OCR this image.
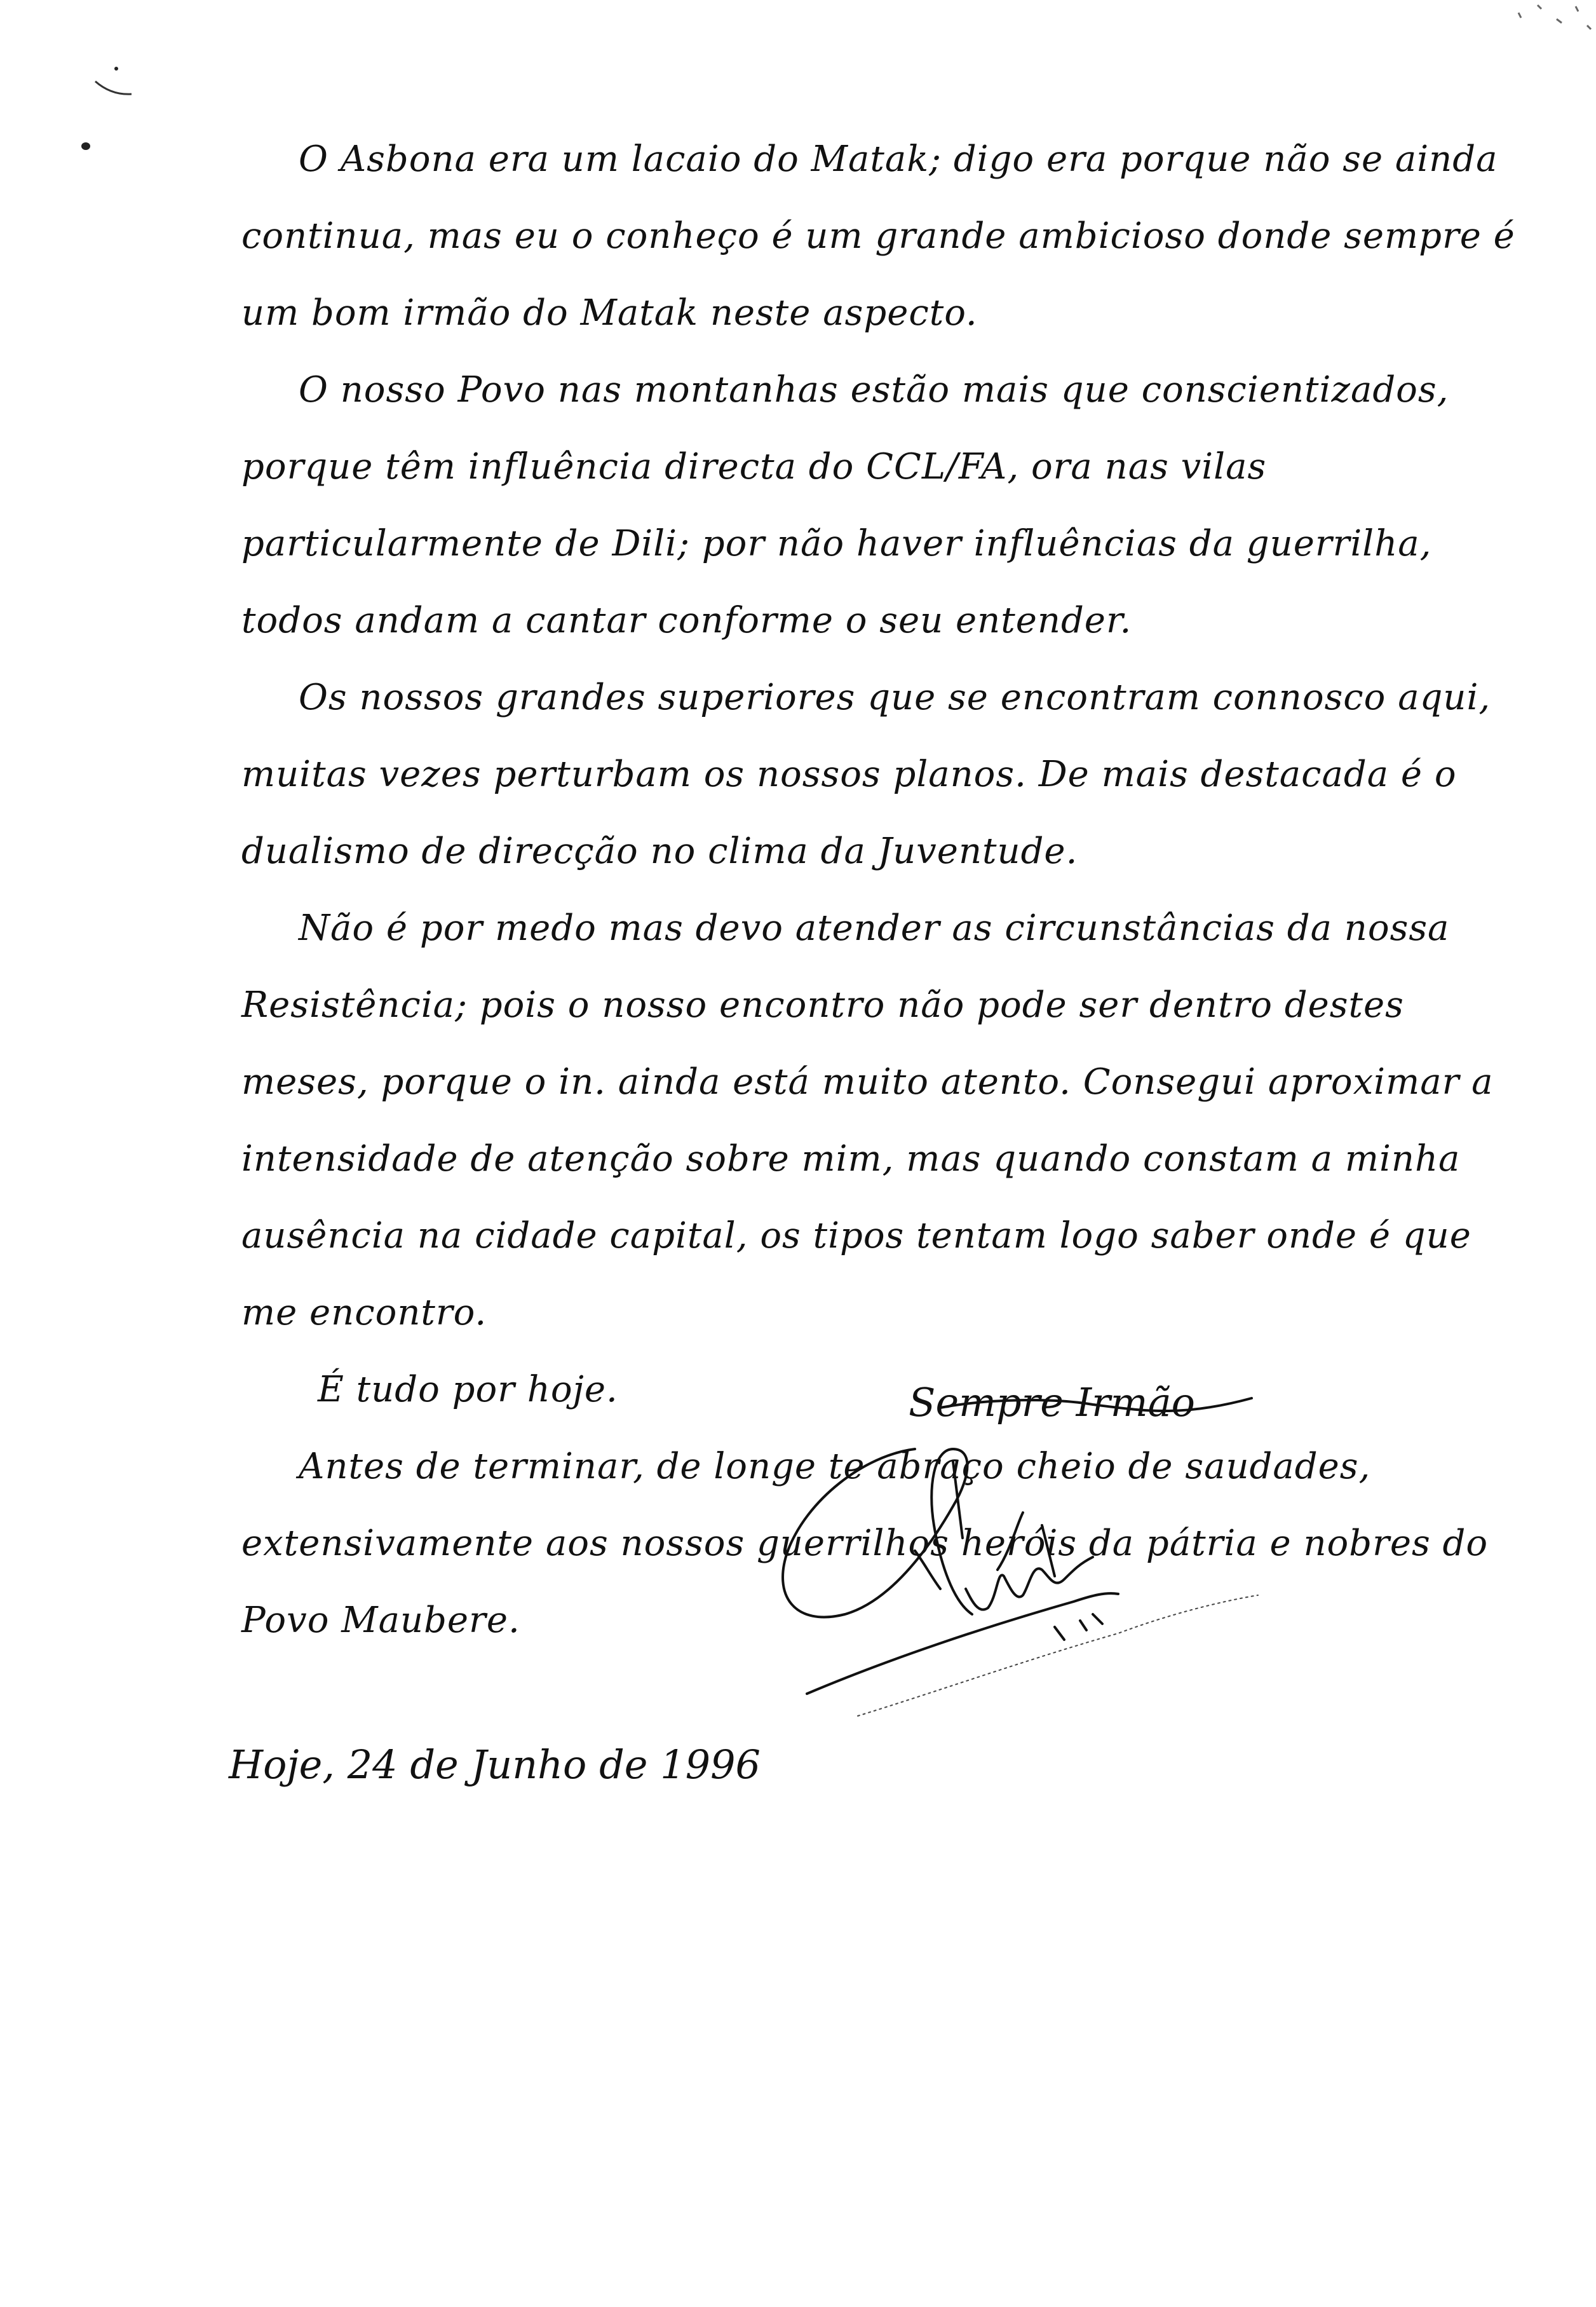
O Asbona era um lacaio do Matak; digo era porque não se ainda continua, mas eu o conheço é um grande ambicioso donde sempre é um bom irmão do Matak neste aspecto.

O nosso Povo nas montanhas estão mais que conscientizados, porque têm influência directa do CCL/FA, ora nas vilas particularmente de Dili; por não haver influências da guerrilha, todos andam a cantar conforme o seu entender.

Os nossos grandes superiores que se encontram connosco aqui, muitas vezes perturbam os nossos planos. De mais destacada é o dualismo de direcção no clima da Juventude.

Não é por medo mas devo atender as circunstâncias da nossa Resistência; pois o nosso encontro não pode ser dentro destes meses, porque o in. ainda está muito atento. Consegui aproximar a intensidade de atenção sobre mim, mas quando constam a minha ausência na cidade capital, os tipos tentam logo saber onde é que me encontro.

É tudo por hoje.

Antes de terminar, de longe te abraço cheio de saudades, extensivamente aos nossos guerrilhos heróis da pátria e nobres do Povo Maubere.

Sempre Irmão
Hoje, 24 de Junho de 1996
